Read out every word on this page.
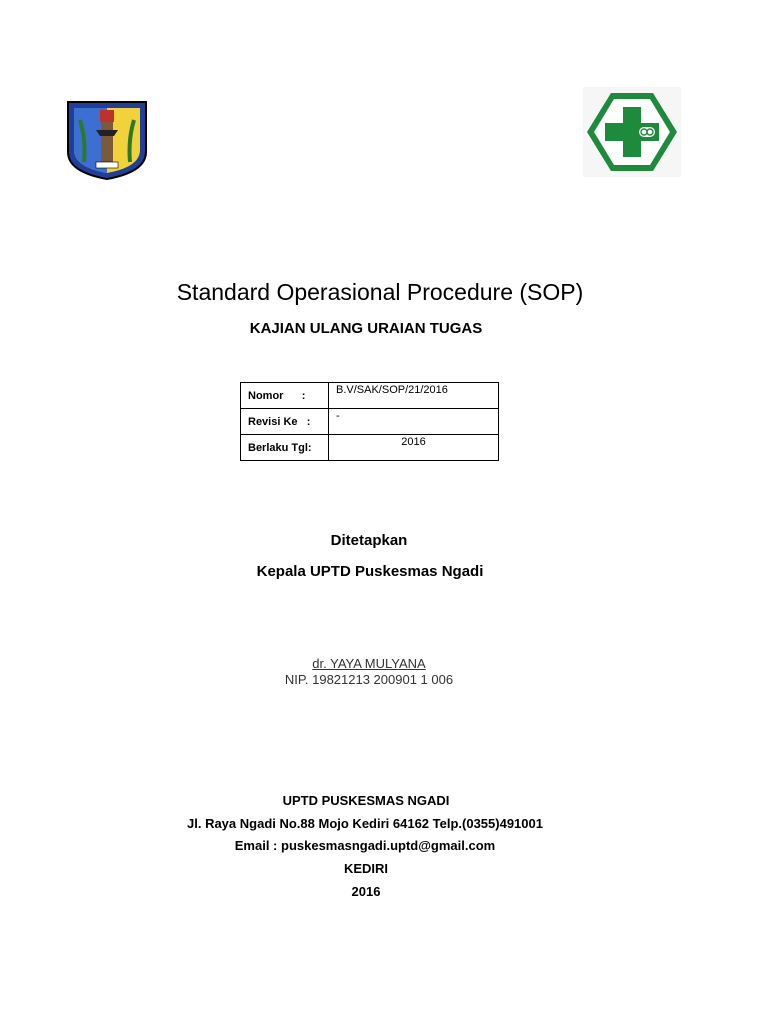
Standard Operasional Procedure (SOP)
KAJIAN ULANG URAIAN TUGAS
Nomor      :	B.V/SAK/SOP/21/2016
Revisi Ke   :	-
Berlaku Tgl:	2016
Ditetapkan
Kepala UPTD Puskesmas Ngadi
dr. YAYA MULYANA
NIP. 19821213 200901 1 006
UPTD PUSKESMAS NGADI
Jl. Raya Ngadi No.88 Mojo Kediri 64162 Telp.(0355)491001
Email : puskesmasngadi.uptd@gmail.com
KEDIRI
2016
